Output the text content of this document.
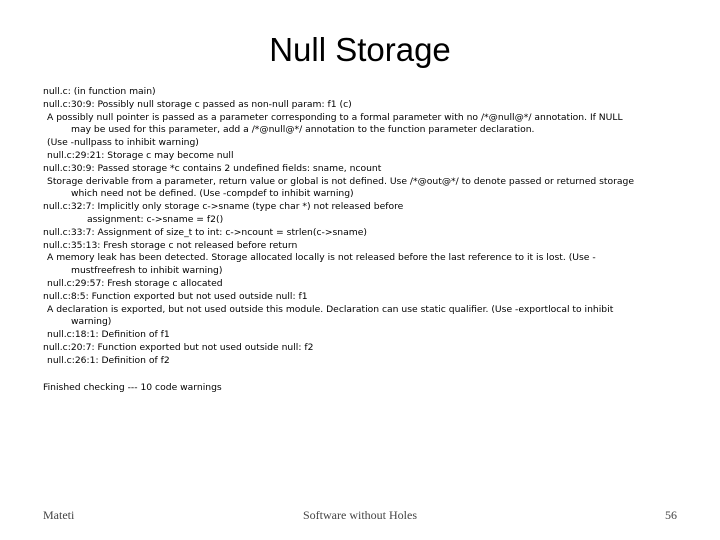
Null Storage
null.c: (in function main)
null.c:30:9: Possibly null storage c passed as non-null param: f1 (c)
A possibly null pointer is passed as a parameter corresponding to a formal parameter with no /*@null@*/ annotation. If NULL
may be used for this parameter, add a /*@null@*/ annotation to the function parameter declaration.
(Use -nullpass to inhibit warning)
null.c:29:21: Storage c may become null
null.c:30:9: Passed storage *c contains 2 undefined fields: sname, ncount
Storage derivable from a parameter, return value or global is not defined. Use /*@out@*/ to denote passed or returned storage
which need not be defined. (Use -compdef to inhibit warning)
null.c:32:7: Implicitly only storage c->sname (type char *) not released before
assignment: c->sname = f2()
null.c:33:7: Assignment of size_t to int: c->ncount = strlen(c->sname)
null.c:35:13: Fresh storage c not released before return
A memory leak has been detected. Storage allocated locally is not released before the last reference to it is lost. (Use -
mustfreefresh to inhibit warning)
null.c:29:57: Fresh storage c allocated
null.c:8:5: Function exported but not used outside null: f1
A declaration is exported, but not used outside this module. Declaration can use static qualifier. (Use -exportlocal to inhibit
warning)
null.c:18:1: Definition of f1
null.c:20:7: Function exported but not used outside null: f2
null.c:26:1: Definition of f2
Finished checking --- 10 code warnings
Mateti	Software without Holes	56
